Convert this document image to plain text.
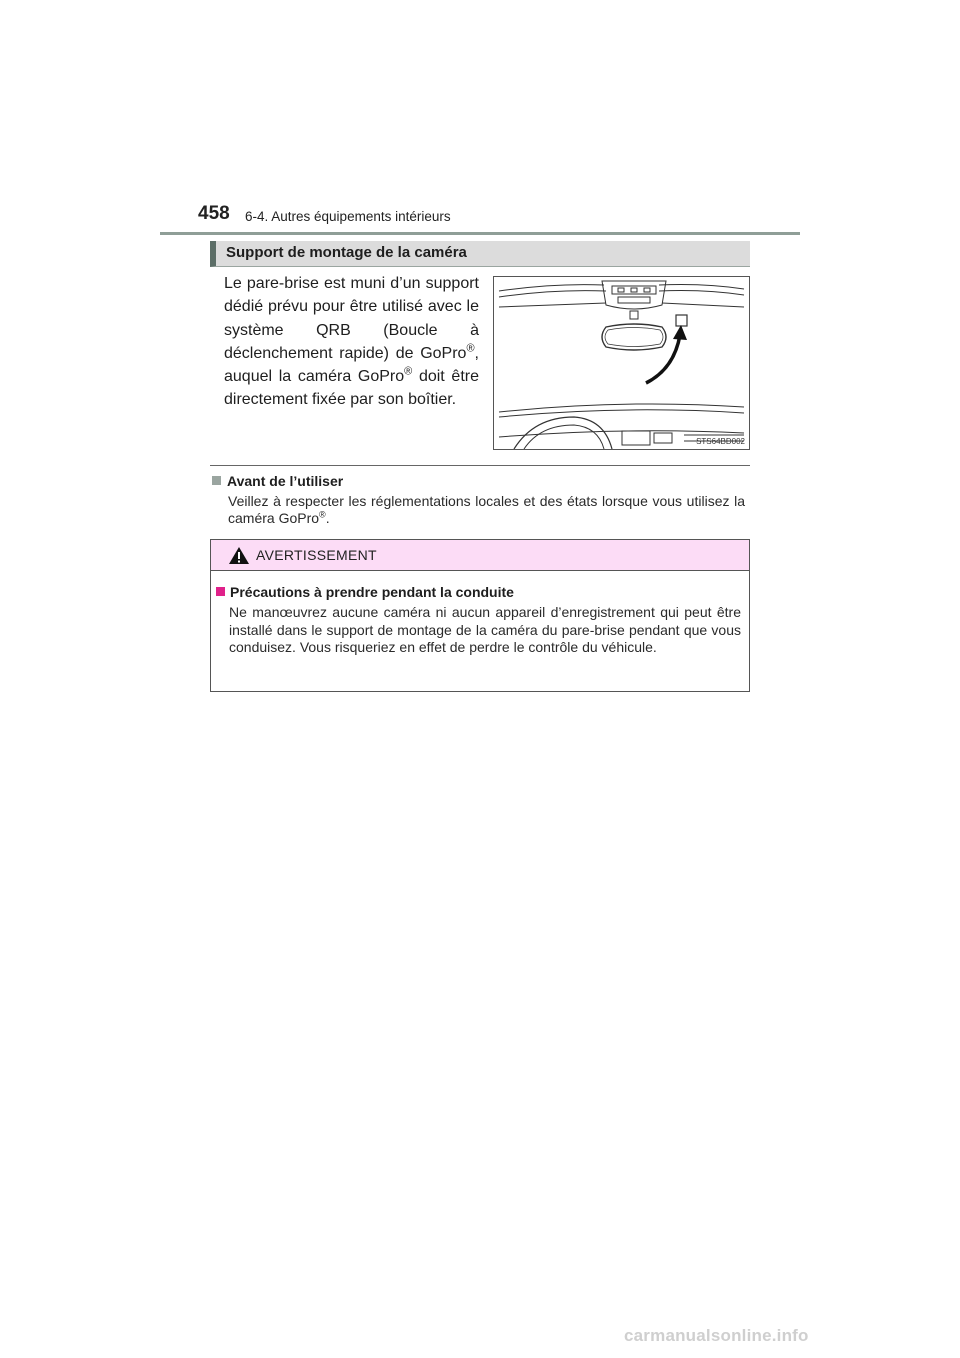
458 6-4. Autres équipements intérieurs
Support de montage de la caméra
Le pare-brise est muni d’un support dédié prévu pour être utilisé avec le système QRB (Boucle à déclenchement rapide) de GoPro®, auquel la caméra GoPro® doit être directement fixée par son boîtier.
STS64BD002
Avant de l’utiliser
Veillez à respecter les réglementations locales et des états lorsque vous utilisez la caméra GoPro®.
AVERTISSEMENT
Précautions à prendre pendant la conduite
Ne manœuvrez aucune caméra ni aucun appareil d’enregistrement qui peut être installé dans le support de montage de la caméra du pare-brise pendant que vous conduisez. Vous risqueriez en effet de perdre le contrôle du véhicule.
carmanualsonline.info
